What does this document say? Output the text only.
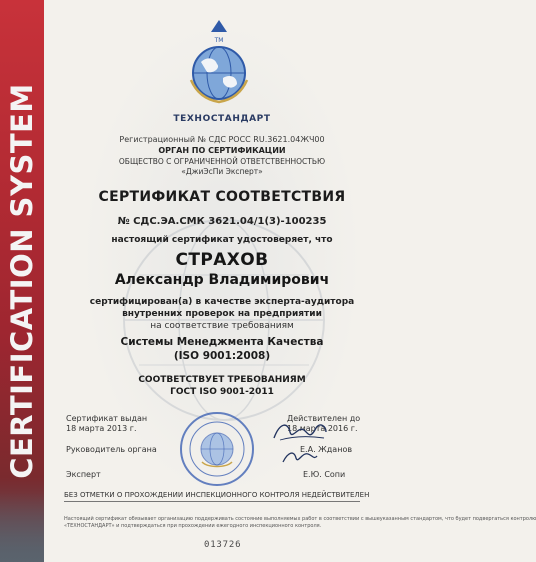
CERTIFICATION SYSTEM
ТМ
ТЕХНОСТАНДАРТ
Регистрационный № СДС РОСС RU.3621.04ЖЧ00
ОРГАН ПО СЕРТИФИКАЦИИ
ОБЩЕСТВО С ОГРАНИЧЕННОЙ ОТВЕТСТВЕННОСТЬЮ
«ДжиЭсПи Эксперт»
СЕРТИФИКАТ СООТВЕТСТВИЯ
№ СДС.ЭА.СМК 3621.04/1(3)-100235
настоящий сертификат удостоверяет, что
СТРАХОВ
Александр Владимирович
сертифицирован(а) в качестве эксперта-аудитора
внутренних проверок на предприятии
на соответствие требованиям
Системы Менеджмента Качества
(ISO 9001:2008)
СООТВЕТСТВУЕТ ТРЕБОВАНИЯМ
ГОСТ ISO 9001-2011
Сертификат выдан
18 марта 2013 г.
Действителен до
18 марта 2016 г.
Руководитель органа	Е.А. Жданов
Эксперт	Е.Ю. Сопи
БЕЗ ОТМЕТКИ О ПРОХОЖДЕНИИ ИНСПЕКЦИОННОГО КОНТРОЛЯ НЕДЕЙСТВИТЕЛЕН
Настоящий сертификат обязывает организацию поддерживать состояние выполняемых работ в соответствии с вышеуказанным стандартом, что будет подвергаться контролю
«ТЕХНОСТАНДАРТ» и подтверждаться при прохождении ежегодного инспекционного контроля.
013726
